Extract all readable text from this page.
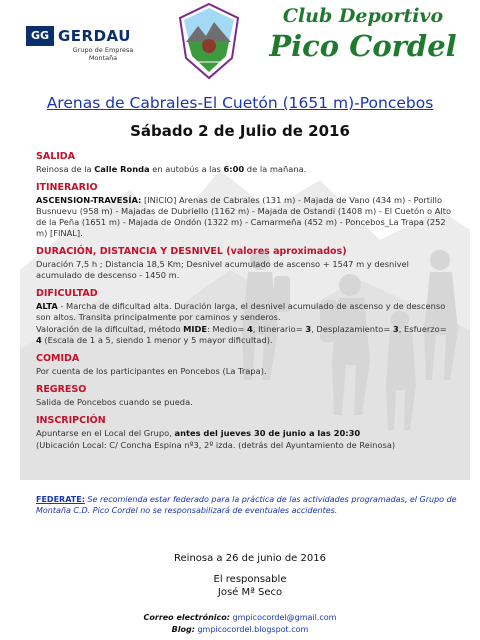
GG GERDAU
Grupo de Empresa Montaña
Club Deportivo
Pico Cordel
Arenas de Cabrales-El Cuetón (1651 m)-Poncebos
Sábado 2 de Julio de 2016
SALIDA
Reinosa de la Calle Ronda en autobús a las 6:00 de la mañana.
ITINERARIO
ASCENSION-TRAVESÍA: [INICIO] Arenas de Cabrales (131 m) - Majada de Vano (434 m) - Portillo Busnuevu (958 m) - Majadas de Dubriello (1162 m) - Majada de Ostandi (1408 m) - El Cuetón o Alto de la Peña (1651 m) - Majada de Ondón (1322 m) - Camarmeña (452 m) - Poncebos_La Trapa (252 m) [FINAL].
DURACIÓN, DISTANCIA Y DESNIVEL (valores aproximados)
Duración 7,5 h ; Distancia 18,5 Km; Desnivel acumulado de ascenso + 1547 m y desnivel acumulado de descenso - 1450 m.
DIFICULTAD
ALTA - Marcha de dificultad alta. Duración larga, el desnivel acumulado de ascenso y de descenso son altos. Transita principalmente por caminos y senderos.
Valoración de la dificultad, método MIDE: Medio= 4, Itinerario= 3, Desplazamiento= 3, Esfuerzo= 4 (Escala de 1 a 5, siendo 1 menor y 5 mayor dificultad).
COMIDA
Por cuenta de los participantes en Poncebos (La Trapa).
REGRESO
Salida de Poncebos cuando se pueda.
INSCRIPCIÓN
Apuntarse en el Local del Grupo, antes del jueves 30 de junio a las 20:30
(Ubicación Local: C/ Concha Espina nº3, 2º izda. (detrás del Ayuntamiento de Reinosa)
FEDERATE: Se recomienda estar federado para la práctica de las actividades programadas, el Grupo de Montaña C.D. Pico Cordel no se responsabilizará de eventuales accidentes.
Reinosa a 26 de junio de 2016
El responsable
José Mª Seco
Correo electrónico: gmpicocordel@gmail.com
Blog: gmpicocordel.blogspot.com
